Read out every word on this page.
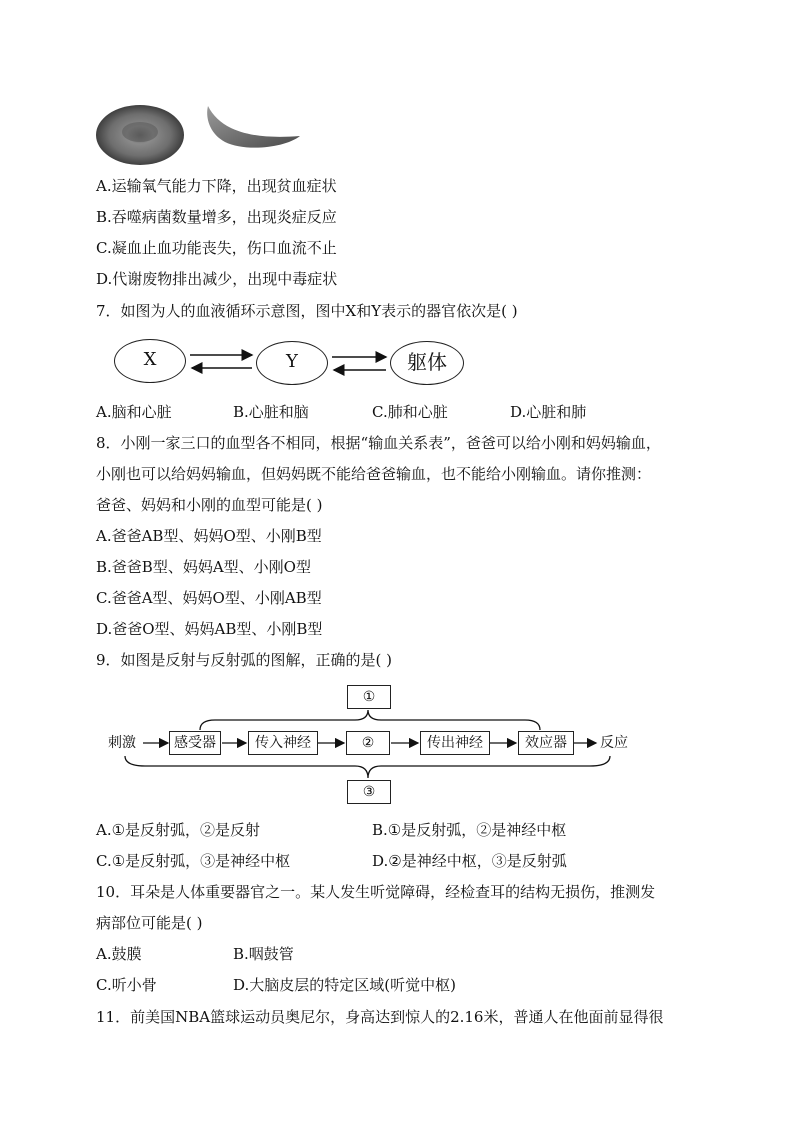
A.运输氧气能力下降，出现贫血症状
B.吞噬病菌数量增多，出现炎症反应
C.凝血止血功能丧失，伤口血流不止
D.代谢废物排出减少，出现中毒症状
7．如图为人的血液循环示意图，图中X和Y表示的器官依次是( )
X	Y	躯体
A.脑和心脏	B.心脏和脑	C.肺和心脏	D.心脏和肺
8．小刚一家三口的血型各不相同，根据“输血关系表”，爸爸可以给小刚和妈妈输血，
小刚也可以给妈妈输血，但妈妈既不能给爸爸输血，也不能给小刚输血。请你推测：
爸爸、妈妈和小刚的血型可能是( )
A.爸爸AB型、妈妈O型、小刚B型
B.爸爸B型、妈妈A型、小刚O型
C.爸爸A型、妈妈O型、小刚AB型
D.爸爸O型、妈妈AB型、小刚B型
9．如图是反射与反射弧的图解，正确的是( )
①
刺激	感受器	传入神经	②	传出神经	效应器	反应
③
A.①是反射弧，②是反射	B.①是反射弧，②是神经中枢
C.①是反射弧，③是神经中枢	D.②是神经中枢，③是反射弧
10．耳朵是人体重要器官之一。某人发生听觉障碍，经检查耳的结构无损伤，推测发
病部位可能是( )
A.鼓膜	B.咽鼓管
C.听小骨	D.大脑皮层的特定区域(听觉中枢)
11．前美国NBA篮球运动员奥尼尔，身高达到惊人的2.16米，普通人在他面前显得很
